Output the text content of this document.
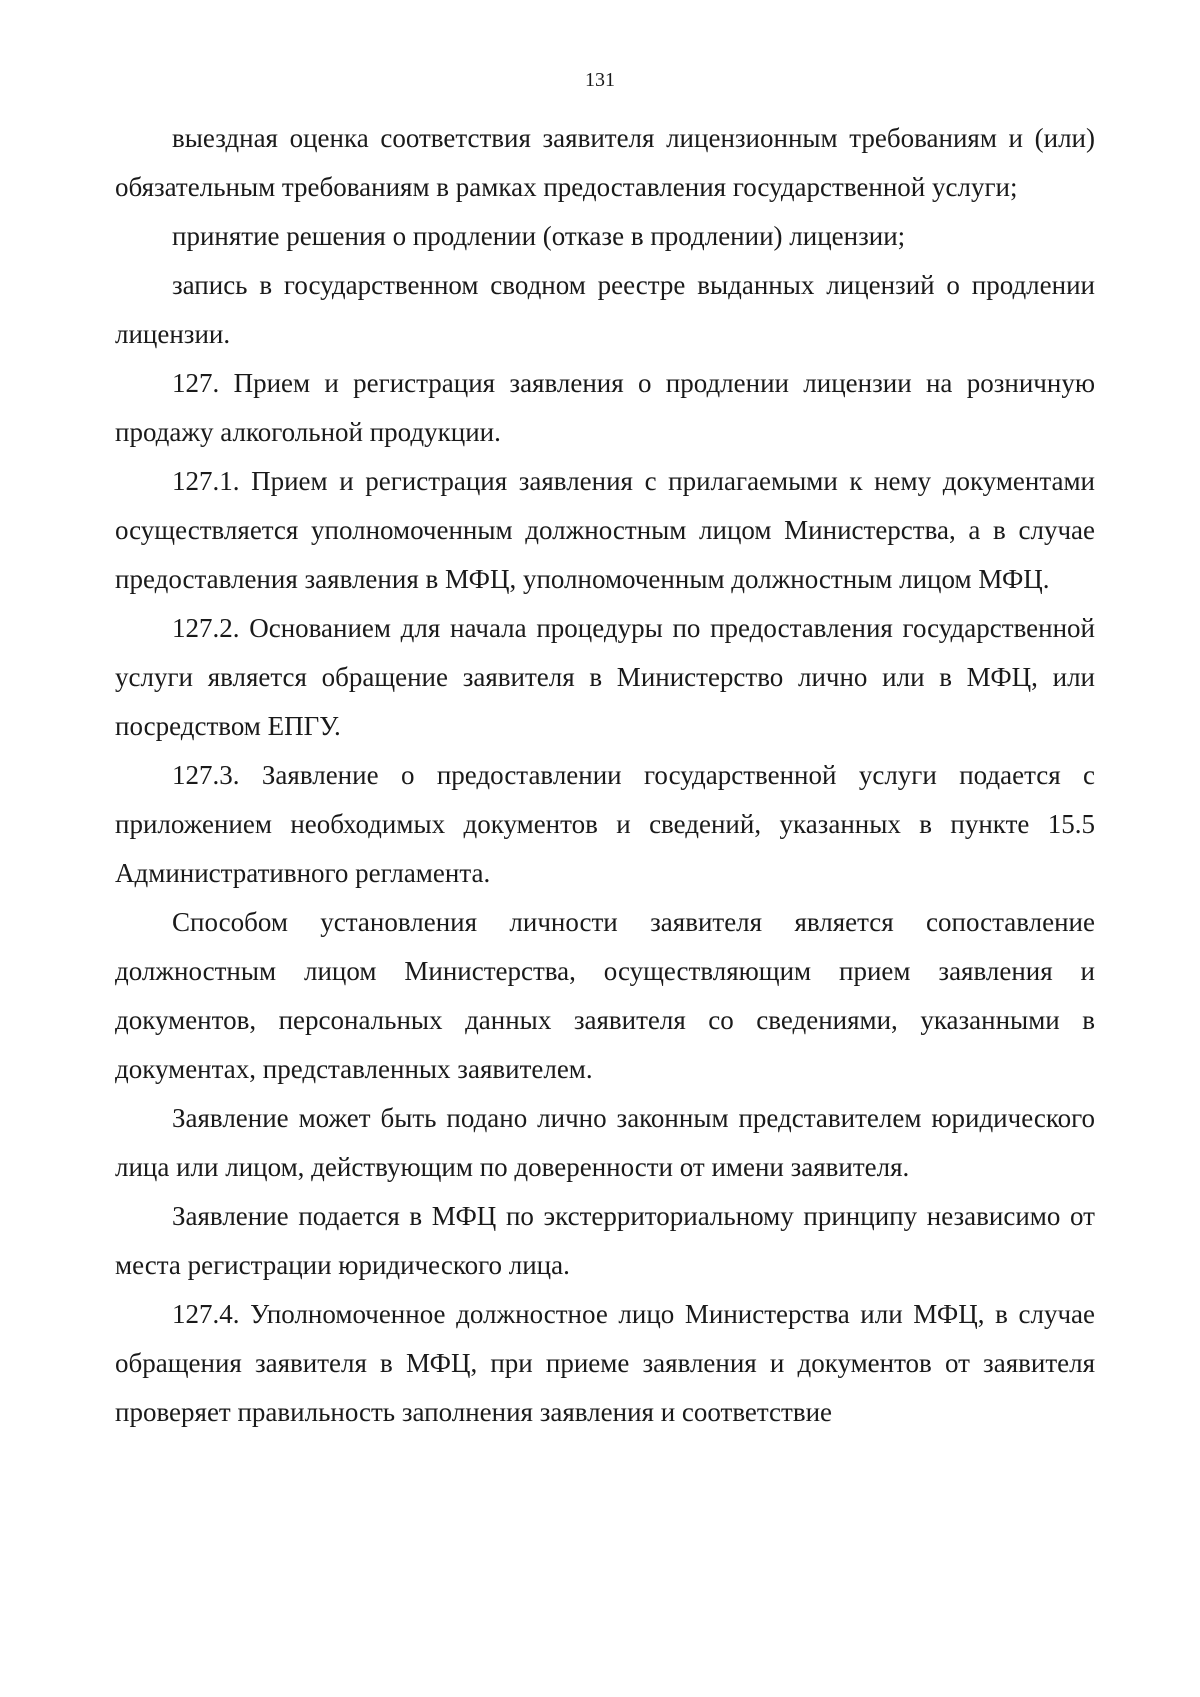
131

выездная оценка соответствия заявителя лицензионным требованиям и (или) обязательным требованиям в рамках предоставления государственной услуги;

принятие решения о продлении (отказе в продлении) лицензии;

запись в государственном сводном реестре выданных лицензий о продлении лицензии.

127. Прием и регистрация заявления о продлении лицензии на розничную продажу алкогольной продукции.

127.1. Прием и регистрация заявления с прилагаемыми к нему документами осуществляется уполномоченным должностным лицом Министерства, а в случае предоставления заявления в МФЦ, уполномоченным должностным лицом МФЦ.

127.2. Основанием для начала процедуры по предоставления государственной услуги является обращение заявителя в Министерство лично или в МФЦ, или посредством ЕПГУ.

127.3. Заявление о предоставлении государственной услуги подается с приложением необходимых документов и сведений, указанных в пункте 15.5 Административного регламента.

Способом установления личности заявителя является сопоставление должностным лицом Министерства, осуществляющим прием заявления и документов, персональных данных заявителя со сведениями, указанными в документах, представленных заявителем.

Заявление может быть подано лично законным представителем юридического лица или лицом, действующим по доверенности от имени заявителя.

Заявление подается в МФЦ по экстерриториальному принципу независимо от места регистрации юридического лица.

127.4. Уполномоченное должностное лицо Министерства или МФЦ, в случае обращения заявителя в МФЦ, при приеме заявления и документов от заявителя проверяет правильность заполнения заявления и соответствие
